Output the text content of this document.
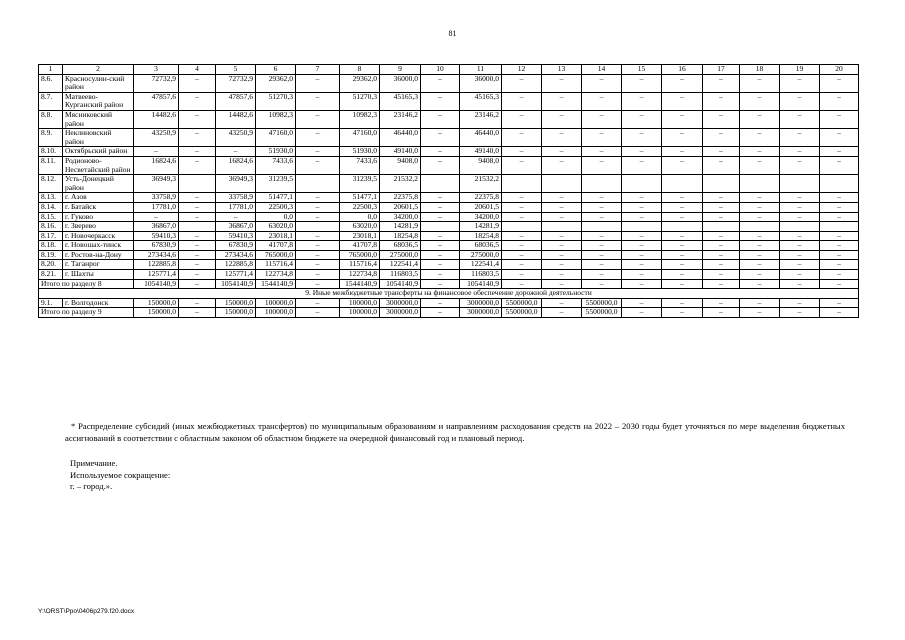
81
1	2	3	4	5	6	7	8	9	10	11	12	13	14	15	16	17	18	19	20
8.6.	Красносулин-ский район	72732,9	–	72732,9	29362,0	–	29362,0	36000,0	–	36000,0	–	–	–	–	–	–	–	–	–
8.7.	Матвеево-Курганский район	47857,6	–	47857,6	51270,3	–	51270,3	45165,3	–	45165,3	–	–	–	–	–	–	–	–	–
8.8.	Мясниковский район	14482,6	–	14482,6	10982,3	–	10982,3	23146,2	–	23146,2	–	–	–	–	–	–	–	–	–
8.9.	Неклиновский район	43250,9	–	43250,9	47160,0	–	47160,0	46440,0	–	46440,0	–	–	–	–	–	–	–	–	–
8.10.	Октябрьский район	–	–	–	51930,0	–	51930,0	49140,0	–	49140,0	–	–	–	–	–	–	–	–	–
8.11.	Родионово-Несветайский район	16824,6	–	16824,6	7433,6	–	7433,6	9408,0	–	9408,0	–	–	–	–	–	–	–	–	–
8.12.	Усть-Донецкий район	36949,3		36949,3	31239,5		31239,5	21532,2		21532,2									
8.13.	г. Азов	33758,9	–	33758,9	51477,1	–	51477,1	22375,8	–	22375,8	–	–	–	–	–	–	–	–	–
8.14.	г. Батайск	17781,0	–	17781,0	22500,3	–	22500,3	20601,5	–	20601,5	–	–	–	–	–	–	–	–	–
8.15.	г. Гуково	–	–	–	0,0	–	0,0	34200,0	–	34200,0	–	–	–	–	–	–	–	–	–
8.16.	г. Зверево	36867,0		36867,0	63020,0		63020,0	14281,9		14281,9									
8.17.	г. Новочеркасск	59410,3	–	59410,3	23018,1	–	23018,1	18254,8	–	18254,8	–	–	–	–	–	–	–	–	–
8.18.	г. Новошах-тинск	67830,9	–	67830,9	41707,8	–	41707,8	68036,5	–	68036,5	–	–	–	–	–	–	–	–	–
8.19.	г. Ростов-на-Дону	273434,6	–	273434,6	765000,0	–	765000,0	275000,0	–	275000,0	–	–	–	–	–	–	–	–	–
8.20.	г. Таганрог	122885,8	–	122885,8	115716,4	–	115716,4	122541,4	–	122541,4	–	–	–	–	–	–	–	–	–
8.21.	г. Шахты	125771,4	–	125771,4	122734,8	–	122734,8	116803,5	–	116803,5	–	–	–	–	–	–	–	–	–
Итого по разделу 8		1054140,9	–	1054140,9	1544140,9	–	1544140,9	1054140,9	–	1054140,9	–	–	–	–	–	–	–	–	–
9. Иные межбюджетные трансферты на финансовое обеспечение дорожной деятельности																			
9.1.	г. Волгодонск	150000,0	–	150000,0	100000,0	–	100000,0	3000000,0	–	3000000,0	5500000,0	–	5500000,0	–	–	–	–	–	–
Итого по разделу 9		150000,0	–	150000,0	100000,0	–	100000,0	3000000,0	–	3000000,0	5500000,0	–	5500000,0	–	–	–	–	–	–
* Распределение субсидий (иных межбюджетных трансфертов) по муниципальным образованиям и направлениям расходования средств на 2022 – 2030 годы будет уточняться по мере выделения бюджетных ассигнований в соответствии с областным законом об областном бюджете на очередной финансовый год и плановый период.
Примечание.
Используемое сокращение:
г. – город.».
Y:\ORST\Ppo\0406p279.f20.docx
